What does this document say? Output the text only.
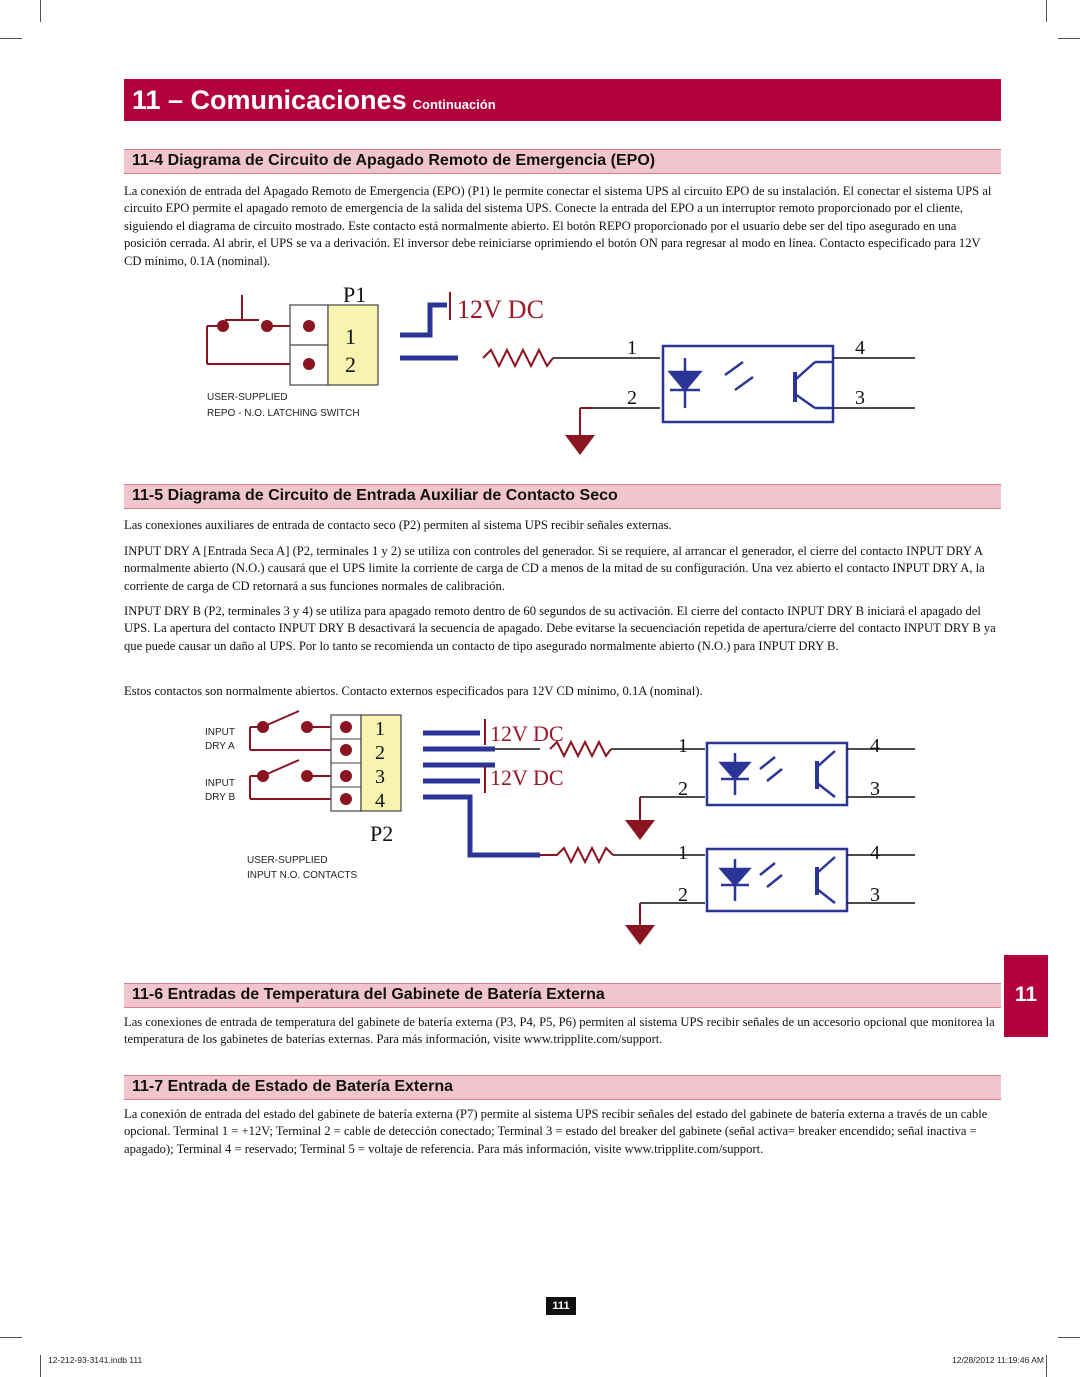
11 – Comunicaciones Continuación
11-4 Diagrama de Circuito de Apagado Remoto de Emergencia (EPO)

La conexión de entrada del Apagado Remoto de Emergencia (EPO) (P1) le permite conectar el sistema UPS al circuito EPO de su instalación. El conectar el sistema UPS al circuito EPO permite el apagado remoto de emergencia de la salida del sistema UPS. Conecte la entrada del EPO a un interruptor remoto proporcionado por el cliente, siguiendo el diagrama de circuito mostrado. Este contacto está normalmente abierto. El botón REPO proporcionado por el usuario debe ser del tipo asegurado en una posición cerrada. Al abrir, el UPS se va a derivación. El inversor debe reiniciarse oprimiendo el botón ON para regresar al modo en línea. Contacto especificado para 12V CD mínimo, 0.1A (nominal).

1
2
P1
12V DC
1
2
4
3
USER-SUPPLIED
REPO - N.O. LATCHING SWITCH
11-5 Diagrama de Circuito de Entrada Auxiliar de Contacto Seco

Las conexiones auxiliares de entrada de contacto seco (P2) permiten al sistema UPS recibir señales externas.

INPUT DRY A [Entrada Seca A] (P2, terminales 1 y 2) se utiliza con controles del generador. Si se requiere, al arrancar el generador, el cierre del contacto INPUT DRY A normalmente abierto (N.O.) causará que el UPS limite la corriente de carga de CD a menos de la mitad de su configuración. Una vez abierto el contacto INPUT DRY A, la corriente de carga de CD retornará a sus funciones normales de calibración.

INPUT DRY B (P2, terminales 3 y 4) se utiliza para apagado remoto dentro de 60 segundos de su activación. El cierre del contacto INPUT DRY B iniciará el apagado del UPS. La apertura del contacto INPUT DRY B desactivará la secuencia de apagado. Debe evitarse la secuenciación repetida de apertura/cierre del contacto INPUT DRY B ya que puede causar un daño al UPS. Por lo tanto se recomienda un contacto de tipo asegurado normalmente abierto (N.O.) para INPUT DRY B.

Estos contactos son normalmente abiertos. Contacto externos especificados para 12V CD mínimo, 0.1A (nominal).

INPUT
DRY A
INPUT
DRY B
1
2
3
4
P2
12V DC
12V DC
1
2
4
3
1
2
4
3
USER-SUPPLIED
INPUT N.O. CONTACTS
11-6 Entradas de Temperatura del Gabinete de Batería Externa

Las conexiones de entrada de temperatura del gabinete de batería externa (P3, P4, P5, P6) permiten al sistema UPS recibir señales de un accesorio opcional que monitorea la temperatura de los gabinetes de baterías externas. Para más información, visite www.tripplite.com/support.

11-7 Entrada de Estado de Batería Externa

La conexión de entrada del estado del gabinete de batería externa (P7) permite al sistema UPS recibir señales del estado del gabinete de batería externa a través de un cable opcional. Terminal 1 = +12V; Terminal 2 = cable de detección conectado; Terminal 3 = estado del breaker del gabinete (señal activa= breaker encendido; señal inactiva = apagado); Terminal 4 = reservado; Terminal 5 = voltaje de referencia. Para más información, visite www.tripplite.com/support.

11
111
12-212-93-3141.indb 111	12/28/2012 11:19:46 AM
